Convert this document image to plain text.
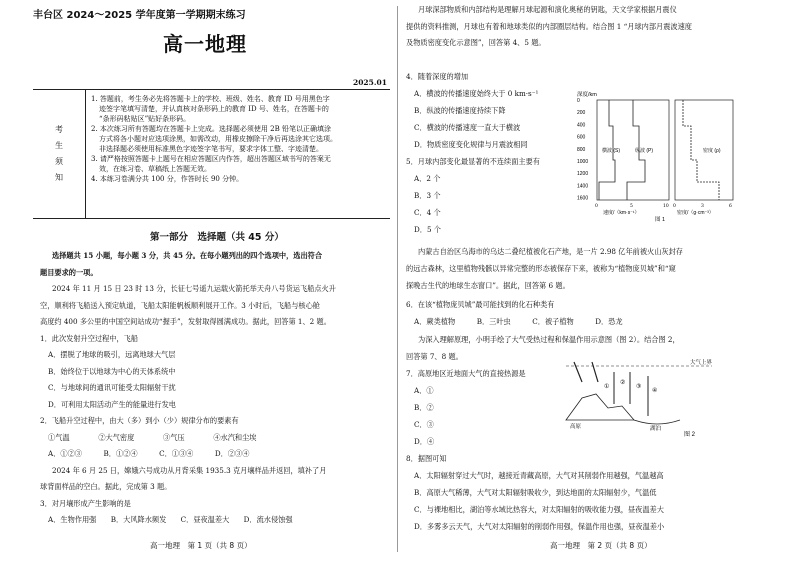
丰台区 2024～2025 学年度第一学期期末练习
高一地理
2025.01
考
生
须
知
1. 答题前，考生务必先将答题卡上的学校、班级、姓名、教育 ID 号用黑色字
迹签字笔填写清楚，并认真核对条形码上的教育 ID 号、姓名，在答题卡的
“条形码粘贴区”贴好条形码。
2. 本次练习所有答题均在答题卡上完成。选择题必须使用 2B 铅笔以正确填涂
方式将各小题对应选项涂黑，如需改动，用橡皮擦除干净后再选涂其它选项。
非选择题必须使用标准黑色字迹签字笔书写，要求字体工整、字迹清楚。
3. 请严格按照答题卡上题号在相应答题区内作答，超出答题区域书写的答案无
效，在练习卷、草稿纸上答题无效。
4. 本练习卷满分共 100 分，作答时长 90 分钟。
第一部分　选择题（共 45 分）
选择题共 15 小题，每小题 3 分，共 45 分。在每小题列出的四个选项中，选出符合
题目要求的一项。
2024 年 11 月 15 日 23 时 13 分，长征七号遥九运载火箭托举天舟八号货运飞船点火升
空，顺利将飞船送入预定轨道，飞船太阳能帆板顺利展开工作。3 小时后，飞船与核心舱
高度约 400 多公里的中国空间站成功“握手”，发射取得圆满成功。据此，回答第 1、2 题。
1．此次发射升空过程中，飞船
A．摆脱了地球的吸引，远离地球大气层
B．始终位于以地球为中心的天体系统中
C．与地球间的通讯可能受太阳辐射干扰
D．可利用太阳活动产生的能量进行发电
2．飞船升空过程中，由大（多）到小（少）规律分布的要素有
①气温　　　　②大气密度　　　　③气压　　　　④水汽和尘埃
A．①②③　　　B．①②④　　　C．①③④　　　D．②③④
2024 年 6 月 25 日，嫦娥六号成功从月背采集 1935.3 克月壤样品并返回，填补了月
球背面样品的空白。据此，完成第 3 题。
3．对月壤形成产生影响的是
A．生物作用强　　B．大风降水频发　　C．昼夜温差大　　D．流水侵蚀强
高一地理　第 1 页（共 8 页）
月球深部物质和内部结构是理解月球起源和演化奥秘的钥匙，天文学家根据月震仪
提供的资料推测，月球也有着和地球类似的内部圈层结构。结合图 1 “月球内部月震波速度
及物质密度变化示意图”，回答第 4、5 题。
4．随着深度的增加
A．横波的传播速度始终大于 0 km·s⁻¹
B．纵波的传播速度持续下降
C．横波的传播速度一直大于横波
D．物质密度变化规律与月震波相同
5．月球内部变化最显著的不连续面主要有
A．2 个
B．3 个
C．4 个
D．5 个
内蒙古自治区乌海市的乌达二叠纪植被化石产地，是一片 2.98 亿年前被火山灰封存
的远古森林，这里植物残骸以异常完整的形态被保存下来，被称为“植物庞贝城”和“窥
探晚古生代的地球生态窗口”。据此，回答第 6 题。
6．在该“植物庞贝城”最可能找到的化石种类有
A．蕨类植物　　　B．三叶虫　　　C．被子植物　　　D．恐龙
为深入理解原理，小明手绘了大气受热过程和保温作用示意图（图 2）。结合图 2，
回答第 7、8 题。
7．高原地区近地面大气的直接热源是
A．①
B．②
C．③
D．④
8．据图可知
A．太阳辐射穿过大气时，越接近青藏高原，大气对其削弱作用越强，气温越高
B．高原大气稀薄，大气对太阳辐射吸收少，到达地面的太阳辐射少，气温低
C．与裸地相比，湖泊等水域比热容大，对太阳辐射的吸收能力强，昼夜温差大
D．多雾多云天气，大气对太阳辐射的削弱作用强，保温作用也强，昼夜温差小
深度/km
0
200
400
600
800
1000
1200
1400
1600
横波 (S)	纵波 (P)	密度 (ρ)
0	5	10 0	3	6
速度/（km·s⁻¹）	密度/（g·cm⁻³）
图 1
大气上界
①
②
③
④
高原	湖泊
图 2
高一地理　第 2 页（共 8 页）
